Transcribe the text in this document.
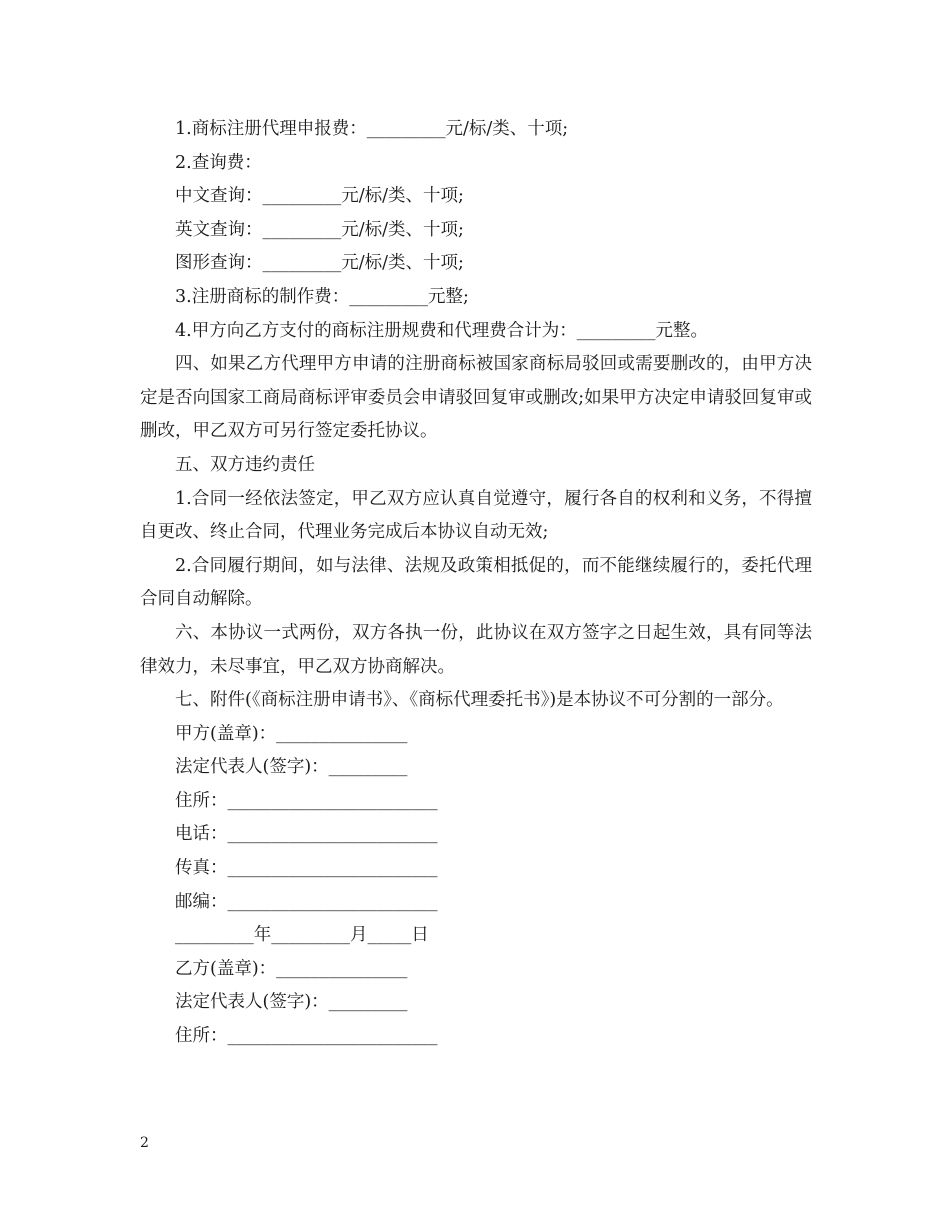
1.商标注册代理申报费：_________元/标/类、十项;

2.查询费：

中文查询：_________元/标/类、十项;

英文查询：_________元/标/类、十项;

图形查询：_________元/标/类、十项;

3.注册商标的制作费：_________元整;

4.甲方向乙方支付的商标注册规费和代理费合计为：_________元整。

四、如果乙方代理甲方申请的注册商标被国家商标局驳回或需要删改的，由甲方决定是否向国家工商局商标评审委员会申请驳回复审或删改;如果甲方决定申请驳回复审或删改，甲乙双方可另行签定委托协议。

五、双方违约责任

1.合同一经依法签定，甲乙双方应认真自觉遵守，履行各自的权利和义务，不得擅自更改、终止合同，代理业务完成后本协议自动无效;

2.合同履行期间，如与法律、法规及政策相抵促的，而不能继续履行的，委托代理合同自动解除。

六、本协议一式两份，双方各执一份，此协议在双方签字之日起生效，具有同等法律效力，未尽事宜，甲乙双方协商解决。

七、附件(《商标注册申请书》、《商标代理委托书》)是本协议不可分割的一部分。

甲方(盖章)：_______________

法定代表人(签字)：_________

住所：________________________

电话：________________________

传真：________________________

邮编：________________________

_________年_________月_____日

乙方(盖章)：_______________

法定代表人(签字)：_________

住所：________________________

2
